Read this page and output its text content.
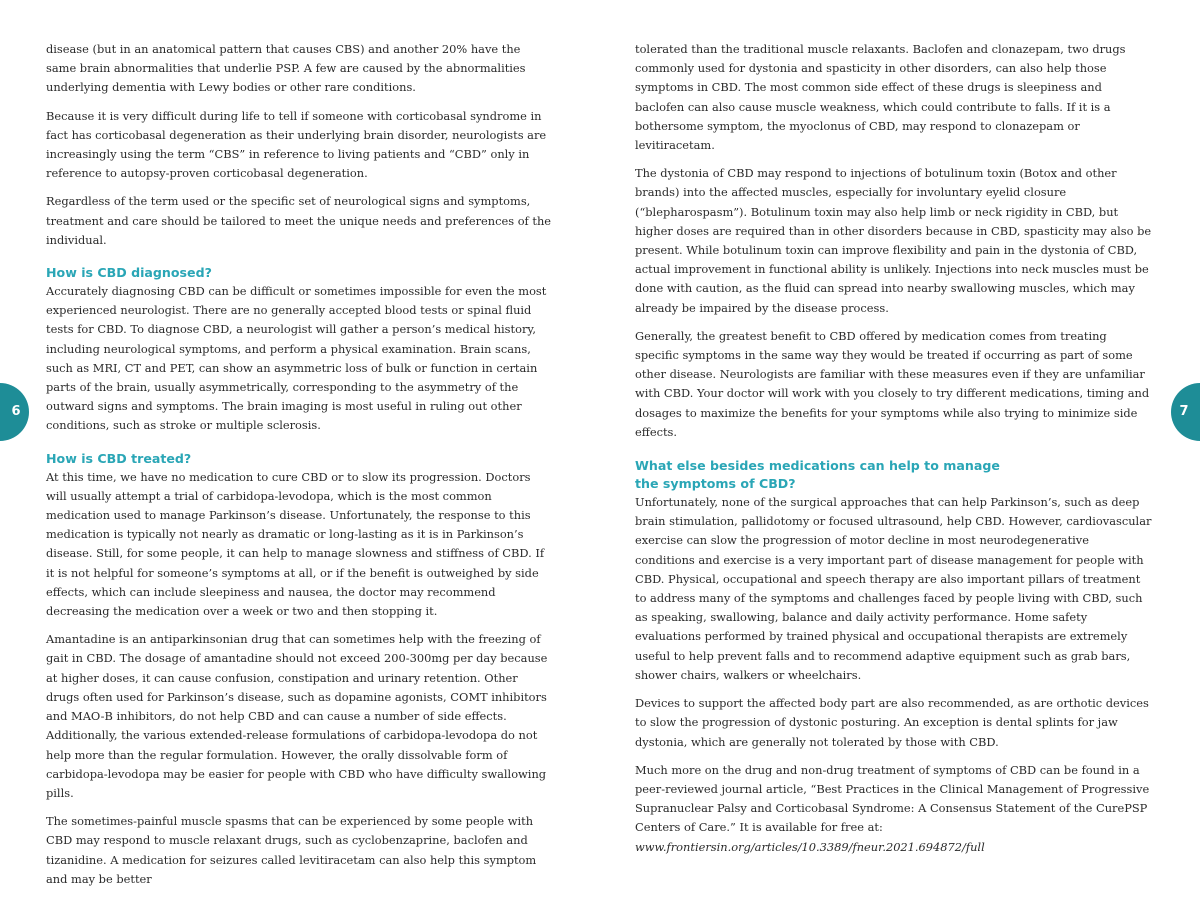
6	7

disease (but in an anatomical pattern that causes CBS) and another 20% have the same brain abnormalities that underlie PSP. A few are caused by the abnormalities underlying dementia with Lewy bodies or other rare conditions.

Because it is very difficult during life to tell if someone with corticobasal syndrome in fact has corticobasal degeneration as their underlying brain disorder, neurologists are increasingly using the term “CBS” in reference to living patients and “CBD” only in reference to autopsy-proven corticobasal degeneration.

Regardless of the term used or the specific set of neurological signs and symptoms, treatment and care should be tailored to meet the unique needs and preferences of the individual.

How is CBD diagnosed?

Accurately diagnosing CBD can be difficult or sometimes impossible for even the most experienced neurologist. There are no generally accepted blood tests or spinal fluid tests for CBD. To diagnose CBD, a neurologist will gather a person’s medical history, including neurological symptoms, and perform a physical examination. Brain scans, such as MRI, CT and PET, can show an asymmetric loss of bulk or function in certain parts of the brain, usually asymmetrically, corresponding to the asymmetry of the outward signs and symptoms. The brain imaging is most useful in ruling out other conditions, such as stroke or multiple sclerosis.

How is CBD treated?

At this time, we have no medication to cure CBD or to slow its progression. Doctors will usually attempt a trial of carbidopa-levodopa, which is the most common medication used to manage Parkinson’s disease. Unfortunately, the response to this medication is typically not nearly as dramatic or long-lasting as it is in Parkinson’s disease. Still, for some people, it can help to manage slowness and stiffness of CBD. If it is not helpful for someone’s symptoms at all, or if the benefit is outweighed by side effects, which can include sleepiness and nausea, the doctor may recommend decreasing the medication over a week or two and then stopping it.

Amantadine is an antiparkinsonian drug that can sometimes help with the freezing of gait in CBD. The dosage of amantadine should not exceed 200-300mg per day because at higher doses, it can cause confusion, constipation and urinary retention. Other drugs often used for Parkinson’s disease, such as dopamine agonists, COMT inhibitors and MAO-B inhibitors, do not help CBD and can cause a number of side effects. Additionally, the various extended-release formulations of carbidopa-levodopa do not help more than the regular formulation. However, the orally dissolvable form of carbidopa-levodopa may be easier for people with CBD who have difficulty swallowing pills.

The sometimes-painful muscle spasms that can be experienced by some people with CBD may respond to muscle relaxant drugs, such as cyclobenzaprine, baclofen and tizanidine. A medication for seizures called levitiracetam can also help this symptom and may be better

tolerated than the traditional muscle relaxants. Baclofen and clonazepam, two drugs commonly used for dystonia and spasticity in other disorders, can also help those symptoms in CBD. The most common side effect of these drugs is sleepiness and baclofen can also cause muscle weakness, which could contribute to falls. If it is a bothersome symptom, the myoclonus of CBD, may respond to clonazepam or levitiracetam.

The dystonia of CBD may respond to injections of botulinum toxin (Botox and other brands) into the affected muscles, especially for involuntary eyelid closure (“blepharospasm”). Botulinum toxin may also help limb or neck rigidity in CBD, but higher doses are required than in other disorders because in CBD, spasticity may also be present. While botulinum toxin can improve flexibility and pain in the dystonia of CBD, actual improvement in functional ability is unlikely. Injections into neck muscles must be done with caution, as the fluid can spread into nearby swallowing muscles, which may already be impaired by the disease process.

Generally, the greatest benefit to CBD offered by medication comes from treating specific symptoms in the same way they would be treated if occurring as part of some other disease. Neurologists are familiar with these measures even if they are unfamiliar with CBD. Your doctor will work with you closely to try different medications, timing and dosages to maximize the benefits for your symptoms while also trying to minimize side effects.

What else besides medications can help to manage
the symptoms of CBD?

Unfortunately, none of the surgical approaches that can help Parkinson’s, such as deep brain stimulation, pallidotomy or focused ultrasound, help CBD. However, cardiovascular exercise can slow the progression of motor decline in most neurodegenerative conditions and exercise is a very important part of disease management for people with CBD. Physical, occupational and speech therapy are also important pillars of treatment to address many of the symptoms and challenges faced by people living with CBD, such as speaking, swallowing, balance and daily activity performance. Home safety evaluations performed by trained physical and occupational therapists are extremely useful to help prevent falls and to recommend adaptive equipment such as grab bars, shower chairs, walkers or wheelchairs.

Devices to support the affected body part are also recommended, as are orthotic devices to slow the progression of dystonic posturing. An exception is dental splints for jaw dystonia, which are generally not tolerated by those with CBD.

Much more on the drug and non-drug treatment of symptoms of CBD can be found in a peer-reviewed journal article, “Best Practices in the Clinical Management of Progressive Supranuclear Palsy and Corticobasal Syndrome: A Consensus Statement of the CurePSP Centers of Care.” It is available for free at: www.frontiersin.org/articles/10.3389/fneur.2021.694872/full
